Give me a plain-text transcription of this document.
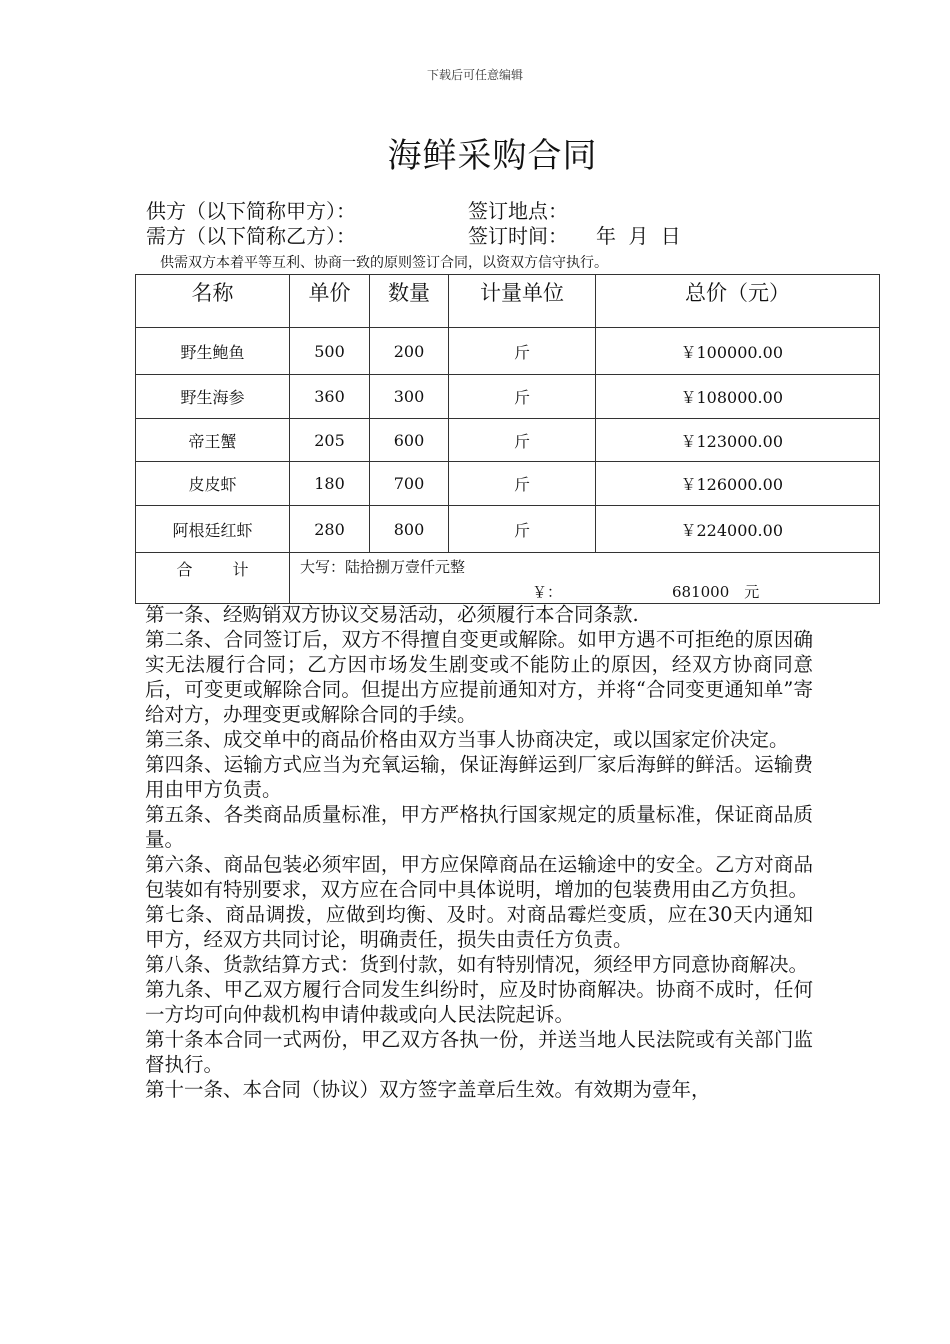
下载后可任意编辑
海鲜采购合同
供方（以下简称甲方）：	签订地点：
需方（以下简称乙方）：	签订时间： 年 月 日
供需双方本着平等互利、协商一致的原则签订合同，以资双方信守执行。
名称	单价	数量	计量单位	总价（元）
野生鲍鱼	500	200	斤	￥100000.00
野生海参	360	300	斤	￥108000.00
帝王蟹	205	600	斤	￥123000.00
皮皮虾	180	700	斤	￥126000.00
阿根廷红虾	280	800	斤	￥224000.00
合 计	大写：陆拾捌万壹仟元整
￥： 681000　元			

第一条、经购销双方协议交易活动，必须履行本合同条款.

第二条、合同签订后，双方不得擅自变更或解除。如甲方遇不可拒绝的原因确实无法履行合同；乙方因市场发生剧变或不能防止的原因，经双方协商同意后，可变更或解除合同。但提出方应提前通知对方，并将“合同变更通知单”寄给对方，办理变更或解除合同的手续。

第三条、成交单中的商品价格由双方当事人协商决定，或以国家定价决定。

第四条、运输方式应当为充氧运输，保证海鲜运到厂家后海鲜的鲜活。运输费用由甲方负责。

第五条、各类商品质量标准，甲方严格执行国家规定的质量标准，保证商品质量。

第六条、商品包装必须牢固，甲方应保障商品在运输途中的安全。乙方对商品包装如有特别要求，双方应在合同中具体说明，增加的包装费用由乙方负担。

第七条、商品调拨，应做到均衡、及时。对商品霉烂变质，应在30天内通知甲方，经双方共同讨论，明确责任，损失由责任方负责。

第八条、货款结算方式：货到付款，如有特别情况，须经甲方同意协商解决。

第九条、甲乙双方履行合同发生纠纷时，应及时协商解决。协商不成时，任何一方均可向仲裁机构申请仲裁或向人民法院起诉。

第十条本合同一式两份，甲乙双方各执一份，并送当地人民法院或有关部门监督执行。

第十一条、本合同（协议）双方签字盖章后生效。有效期为壹年，
